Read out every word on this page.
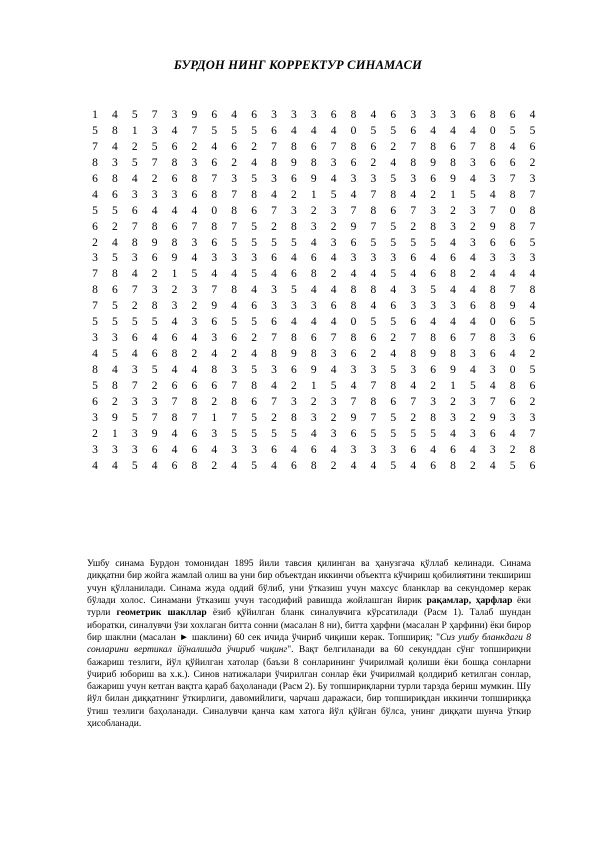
БУРДОН НИНГ КОРРЕКТУР СИНАМАСИ
1	4	5	7	3	9	6	4	6	3	3	3	6	8	4	6	3	3	3	6	8	6	4
5	8	1	3	4	7	5	5	5	6	4	4	4	0	5	5	6	4	4	4	0	5	5
7	4	2	5	6	2	4	6	2	7	8	6	7	8	6	2	7	8	6	7	8	4	6
8	3	5	7	8	3	6	2	4	8	9	8	3	6	2	4	8	9	8	3	6	6	2
6	8	4	2	6	8	7	3	5	3	6	9	4	3	3	5	3	6	9	4	3	7	3
4	6	3	3	3	6	8	7	8	4	2	1	5	4	7	8	4	2	1	5	4	8	7
5	5	6	4	4	4	0	8	6	7	3	2	3	7	8	6	7	3	2	3	7	0	8
6	2	7	8	6	7	8	7	5	2	8	3	2	9	7	5	2	8	3	2	9	8	7
2	4	8	9	8	3	6	5	5	5	5	4	3	6	5	5	5	5	4	3	6	6	5
3	5	3	6	9	4	3	3	3	6	4	6	4	3	3	3	6	4	6	4	3	3	3
7	8	4	2	1	5	4	4	5	4	6	8	2	4	4	5	4	6	8	2	4	4	4
8	6	7	3	2	3	7	8	4	3	5	4	4	8	8	4	3	5	4	4	8	7	8
7	5	2	8	3	2	9	4	6	3	3	3	6	8	4	6	3	3	3	6	8	9	4
5	5	5	5	4	3	6	5	5	6	4	4	4	0	5	5	6	4	4	4	0	6	5
3	3	6	4	6	4	3	6	2	7	8	6	7	8	6	2	7	8	6	7	8	3	6
4	5	4	6	8	2	4	2	4	8	9	8	3	6	2	4	8	9	8	3	6	4	2
8	4	3	5	4	4	8	3	5	3	6	9	4	3	3	5	3	6	9	4	3	0	5
5	8	7	2	6	6	6	7	8	4	2	1	5	4	7	8	4	2	1	5	4	8	6
6	2	3	3	7	8	2	8	6	7	3	2	3	7	8	6	7	3	2	3	7	6	2
3	9	5	7	8	7	1	7	5	2	8	3	2	9	7	5	2	8	3	2	9	3	3
2	1	3	9	4	6	3	5	5	5	5	4	3	6	5	5	5	5	4	3	6	4	7
3	3	3	6	4	6	4	3	3	6	4	6	4	3	3	3	6	4	6	4	3	2	8
4	4	5	4	6	8	2	4	5	4	6	8	2	4	4	5	4	6	8	2	4	5	6
Ушбу синама Бурдон томонидан 1895 йили тавсия қилинган ва ҳанузгача қўллаб келинади. Синама диққатни бир жойга жамлай олиш ва уни бир объектдан иккинчи объектга кўчириш қобилиятини текшириш учун қўлланилади. Синама жуда оддий бўлиб, уни ўтказиш учун махсус бланклар ва секундомер керак бўлади холос. Синамани ўтказиш учун тасодифий равишда жойлашган йирик рақамлар, ҳарфлар ёки турли геометрик шакллар ёзиб қўйилган бланк синалувчига кўрсатилади (Расм 1). Талаб шундан иборатки, синалувчи ўзи хохлаган битта сонни (масалан 8 ни), битта ҳарфни (масалан Р ҳарфини) ёки бирор бир шаклни (масалан ► шаклини) 60 сек ичида ўчириб чиқиши керак. Топшириқ: "Сиз ушбу бланкдаги 8 сонларини вертикал йўналишда ўчириб чиқинг". Вақт белгиланади ва 60 секунддан сўнг топшириқни бажариш тезлиги, йўл қўйилган хатолар (баъзи 8 сонларининг ўчирилмай қолиши ёки бошқа сонларни ўчириб юбориш ва х.к.). Синов натижалари ўчирилган сонлар ёки ўчирилмай қолдириб кетилган сонлар, бажариш учун кетган вақтга қараб баҳоланади (Расм 2). Бу топшириқларни турли тарзда бериш мумкин. Шу йўл билан диққатнинг ўткирлиги, давомийлиги, чарчаш даражаси, бир топшириқдан иккинчи топшириққа ўтиш тезлиги баҳоланади. Синалувчи қанча кам хатога йўл қўйган бўлса, унинг диққати шунча ўткир ҳисобланади.
